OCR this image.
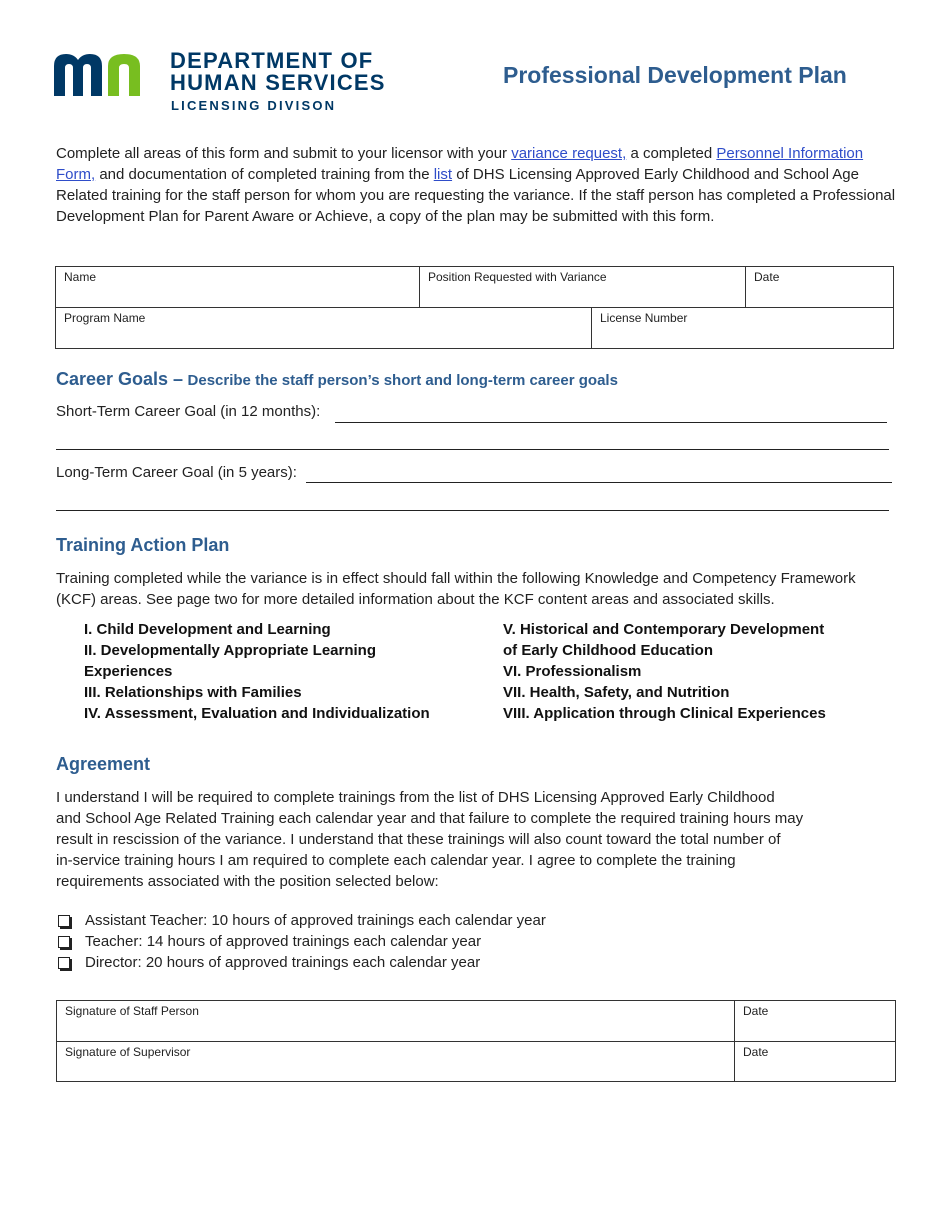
DEPARTMENT OF
HUMAN SERVICES
LICENSING DIVISON
Professional Development Plan
Complete all areas of this form and submit to your licensor with your variance request, a completed Personnel Information Form, and documentation of completed training from the list of DHS Licensing Approved Early Childhood and School Age Related training for the staff person for whom you are requesting the variance. If the staff person has completed a Professional Development Plan for Parent Aware or Achieve, a copy of the plan may be submitted with this form.
Name	Position Requested with Variance		Date
Program Name		License Number	
Career Goals – Describe the staff person’s short and long-term career goals
Short-Term Career Goal (in 12 months):
Long-Term Career Goal (in 5 years):
Training Action Plan
Training completed while the variance is in effect should fall within the following Knowledge and Competency Framework (KCF) areas. See page two for more detailed information about the KCF content areas and associated skills.
I. Child Development and Learning
II. Developmentally Appropriate Learning
Experiences
III. Relationships with Families
IV. Assessment, Evaluation and Individualization
V. Historical and Contemporary Development
of Early Childhood Education
VI. Professionalism
VII. Health, Safety, and Nutrition
VIII. Application through Clinical Experiences
Agreement
I understand I will be required to complete trainings from the list of DHS Licensing Approved Early Childhood
and School Age Related Training each calendar year and that failure to complete the required training hours may
result in rescission of the variance. I understand that these trainings will also count toward the total number of
in-service training hours I am required to complete each calendar year. I agree to complete the training
requirements associated with the position selected below:
Assistant Teacher: 10 hours of approved trainings each calendar year
Teacher: 14 hours of approved trainings each calendar year
Director: 20 hours of approved trainings each calendar year
Signature of Staff Person	Date
Signature of Supervisor	Date
